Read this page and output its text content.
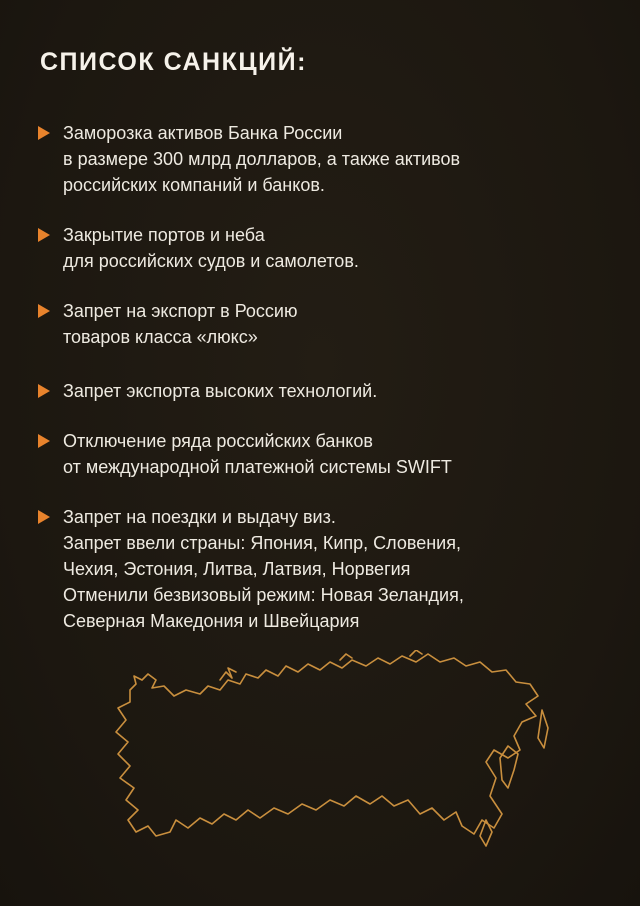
СПИСОК САНКЦИЙ:
Заморозка активов Банка России
в размере 300 млрд долларов, а также активов
российских компаний и банков.
Закрытие портов и неба
для российских судов и самолетов.
Запрет на экспорт в Россию
товаров класса «люкс»
Запрет экспорта высоких технологий.
Отключение ряда российских банков
от международной платежной системы SWIFT
Запрет на поездки и выдачу виз.
Запрет ввели страны: Япония, Кипр, Словения,
Чехия, Эстония, Литва, Латвия, Норвегия
Отменили безвизовый режим: Новая Зеландия,
Северная Македония и Швейцария
